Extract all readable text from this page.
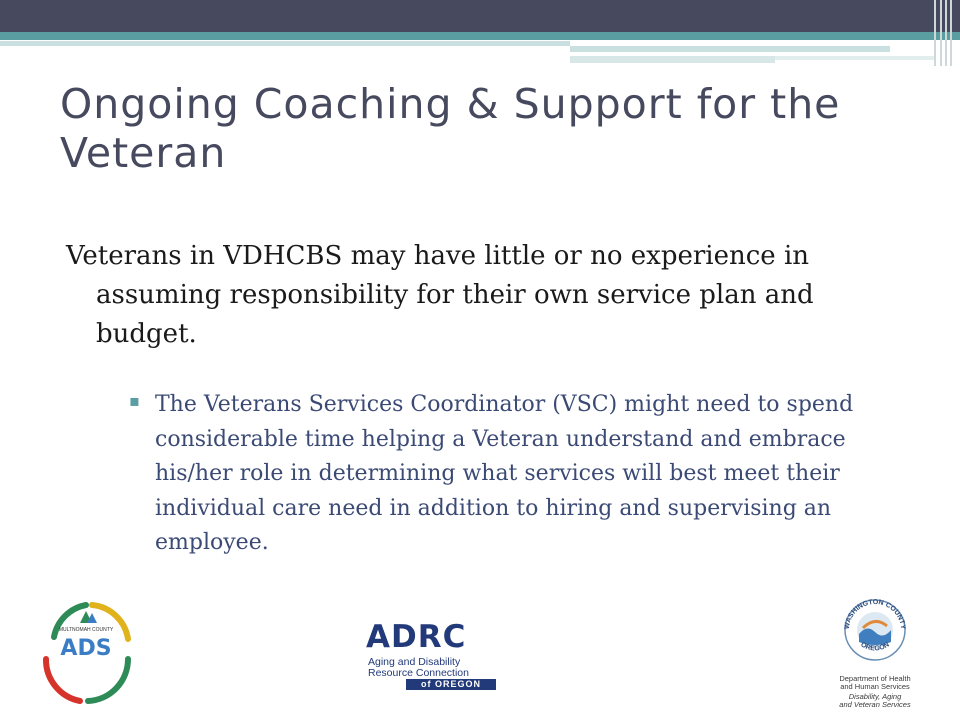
Ongoing Coaching & Support for the Veteran

Veterans in VDHCBS may have little or no experience in assuming responsibility for their own service plan and budget.

▪ The Veterans Services Coordinator (VSC) might need to spend considerable time helping a Veteran understand and embrace his/her role in determining what services will best meet their individual care need in addition to hiring and supervising an employee.

MULTNOMAH COUNTY
ADS	ADRC
Aging and Disability
Resource Connection
of OREGON
WASHINGTON COUNTY
OREGON
Department of Health
and Human Services
Disability, Aging
and Veteran Services
